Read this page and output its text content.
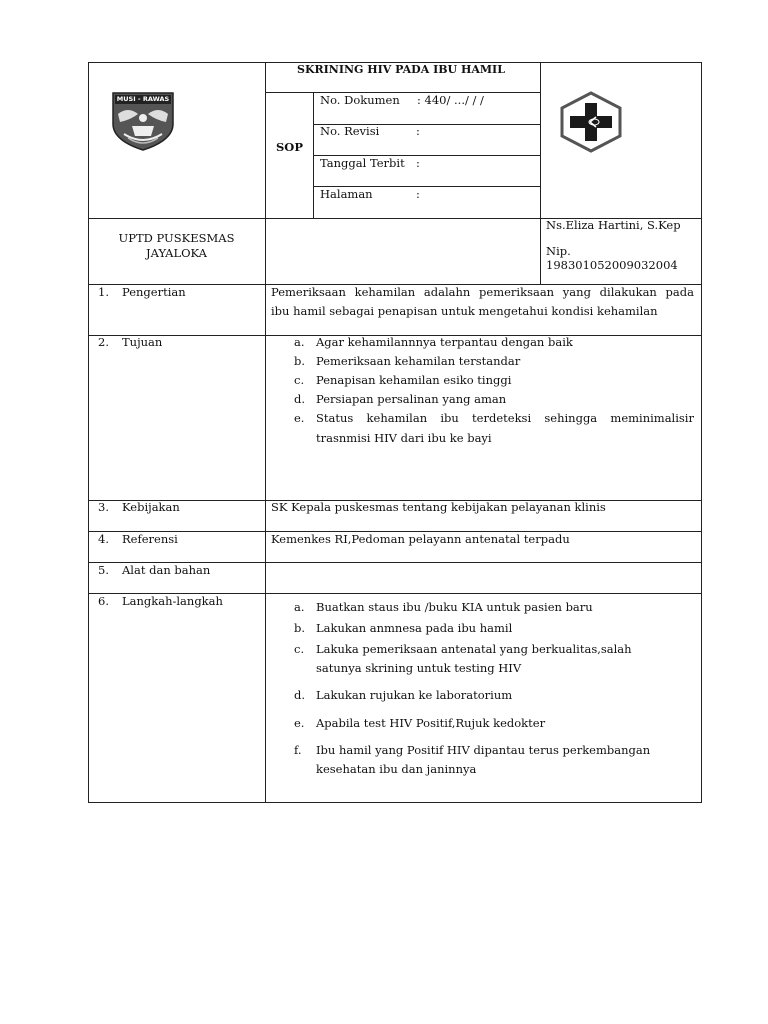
MUSI - RAWAS
SKRINING HIV PADA IBU HAMIL
SOP
No. Dokumen : 440/ .../ / /
No. Revisi	:
Tanggal Terbit :
Halaman	:
UPTD PUSKESMAS
JAYALOKA
Ns.Eliza Hartini, S.Kep
Nip.
198301052009032004
1. Pengertian	Pemeriksaan kehamilan adalahn pemeriksaan yang dilakukan pada
ibu hamil sebagai penapisan untuk mengetahui kondisi kehamilan
2. Tujuan	a. Agar kehamilannnya terpantau dengan baik
b. Pemeriksaan kehamilan terstandar
c. Penapisan kehamilan esiko tinggi
d. Persiapan persalinan yang aman
e. Status kehamilan ibu terdeteksi sehingga meminimalisir
trasnmisi HIV dari ibu ke bayi
3. Kebijakan	SK Kepala puskesmas tentang kebijakan pelayanan klinis
4. Referensi	Kemenkes RI,Pedoman pelayann antenatal terpadu
5. Alat dan bahan
6. Langkah-langkah	a. Buatkan staus ibu /buku KIA untuk pasien baru
b. Lakukan anmnesa pada ibu hamil
c. Lakuka pemeriksaan antenatal yang berkualitas,salah
satunya skrining untuk testing HIV
d. Lakukan rujukan ke laboratorium
e. Apabila test HIV Positif,Rujuk kedokter
f. Ibu hamil yang Positif HIV dipantau terus perkembangan
kesehatan ibu dan janinnya
